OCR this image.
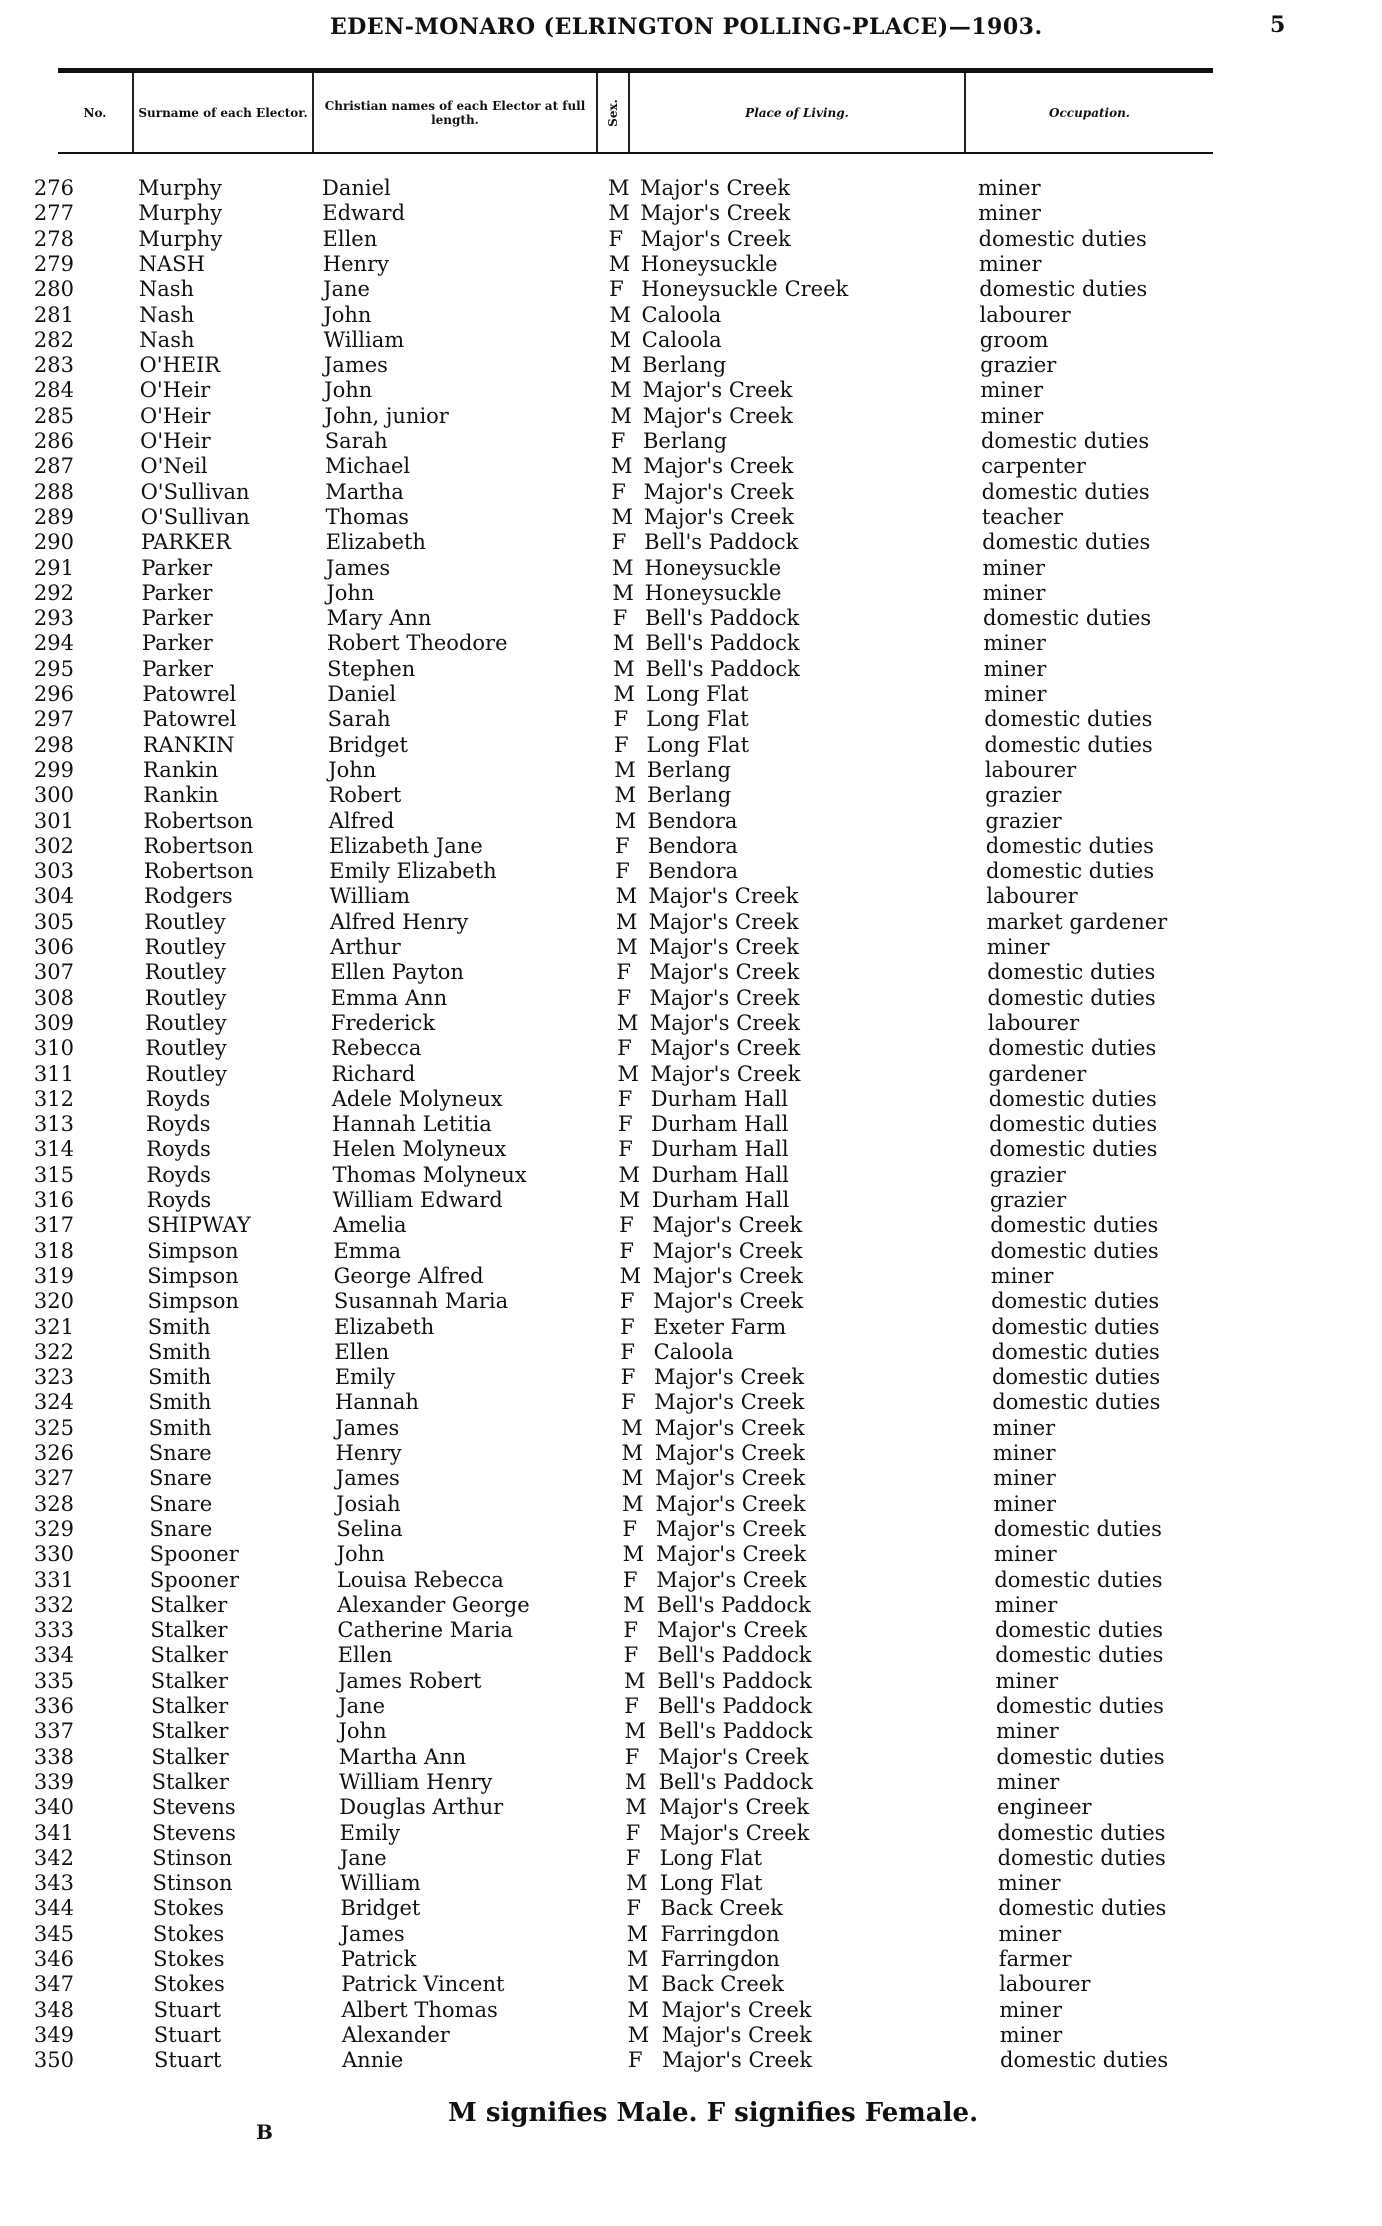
EDEN-MONARO (ELRINGTON POLLING-PLACE)—1903.	5
No.	Surname of each Elector.	Christian names of each Elector at full length.	Sex.	Place of Living.	Occupation.
276	Murphy	Daniel	M Major's Creek	miner
277	Murphy	Edward	M Major's Creek	miner
278	Murphy	Ellen	F Major's Creek	domestic duties
279	NASH	Henry	M Honeysuckle	miner
280	Nash	Jane	F Honeysuckle Creek	domestic duties
281	Nash	John	M Caloola	labourer
282	Nash	William	M Caloola	groom
283	O'HEIR	James	M Berlang	grazier
284	O'Heir	John	M Major's Creek	miner
285	O'Heir	John, junior	M Major's Creek	miner
286	O'Heir	Sarah	F Berlang	domestic duties
287	O'Neil	Michael	M Major's Creek	carpenter
288	O'Sullivan	Martha	F Major's Creek	domestic duties
289	O'Sullivan	Thomas	M Major's Creek	teacher
290	PARKER	Elizabeth	F Bell's Paddock	domestic duties
291	Parker	James	M Honeysuckle	miner
292	Parker	John	M Honeysuckle	miner
293	Parker	Mary Ann	F Bell's Paddock	domestic duties
294	Parker	Robert Theodore	M Bell's Paddock	miner
295	Parker	Stephen	M Bell's Paddock	miner
296	Patowrel	Daniel	M Long Flat	miner
297	Patowrel	Sarah	F Long Flat	domestic duties
298	RANKIN	Bridget	F Long Flat	domestic duties
299	Rankin	John	M Berlang	labourer
300	Rankin	Robert	M Berlang	grazier
301	Robertson	Alfred	M Bendora	grazier
302	Robertson	Elizabeth Jane	F Bendora	domestic duties
303	Robertson	Emily Elizabeth	F Bendora	domestic duties
304	Rodgers	William	M Major's Creek	labourer
305	Routley	Alfred Henry	M Major's Creek	market gardener
306	Routley	Arthur	M Major's Creek	miner
307	Routley	Ellen Payton	F Major's Creek	domestic duties
308	Routley	Emma Ann	F Major's Creek	domestic duties
309	Routley	Frederick	M Major's Creek	labourer
310	Routley	Rebecca	F Major's Creek	domestic duties
311	Routley	Richard	M Major's Creek	gardener
312	Royds	Adele Molyneux	F Durham Hall	domestic duties
313	Royds	Hannah Letitia	F Durham Hall	domestic duties
314	Royds	Helen Molyneux	F Durham Hall	domestic duties
315	Royds	Thomas Molyneux	M Durham Hall	grazier
316	Royds	William Edward	M Durham Hall	grazier
317	SHIPWAY	Amelia	F Major's Creek	domestic duties
318	Simpson	Emma	F Major's Creek	domestic duties
319	Simpson	George Alfred	M Major's Creek	miner
320	Simpson	Susannah Maria	F Major's Creek	domestic duties
321	Smith	Elizabeth	F Exeter Farm	domestic duties
322	Smith	Ellen	F Caloola	domestic duties
323	Smith	Emily	F Major's Creek	domestic duties
324	Smith	Hannah	F Major's Creek	domestic duties
325	Smith	James	M Major's Creek	miner
326	Snare	Henry	M Major's Creek	miner
327	Snare	James	M Major's Creek	miner
328	Snare	Josiah	M Major's Creek	miner
329	Snare	Selina	F Major's Creek	domestic duties
330	Spooner	John	M Major's Creek	miner
331	Spooner	Louisa Rebecca	F Major's Creek	domestic duties
332	Stalker	Alexander George	M Bell's Paddock	miner
333	Stalker	Catherine Maria	F Major's Creek	domestic duties
334	Stalker	Ellen	F Bell's Paddock	domestic duties
335	Stalker	James Robert	M Bell's Paddock	miner
336	Stalker	Jane	F Bell's Paddock	domestic duties
337	Stalker	John	M Bell's Paddock	miner
338	Stalker	Martha Ann	F Major's Creek	domestic duties
339	Stalker	William Henry	M Bell's Paddock	miner
340	Stevens	Douglas Arthur	M Major's Creek	engineer
341	Stevens	Emily	F Major's Creek	domestic duties
342	Stinson	Jane	F Long Flat	domestic duties
343	Stinson	William	M Long Flat	miner
344	Stokes	Bridget	F Back Creek	domestic duties
345	Stokes	James	M Farringdon	miner
346	Stokes	Patrick	M Farringdon	farmer
347	Stokes	Patrick Vincent	M Back Creek	labourer
348	Stuart	Albert Thomas	M Major's Creek	miner
349	Stuart	Alexander	M Major's Creek	miner
350	Stuart	Annie	F Major's Creek	domestic duties
B
M signifies Male. F signifies Female.
